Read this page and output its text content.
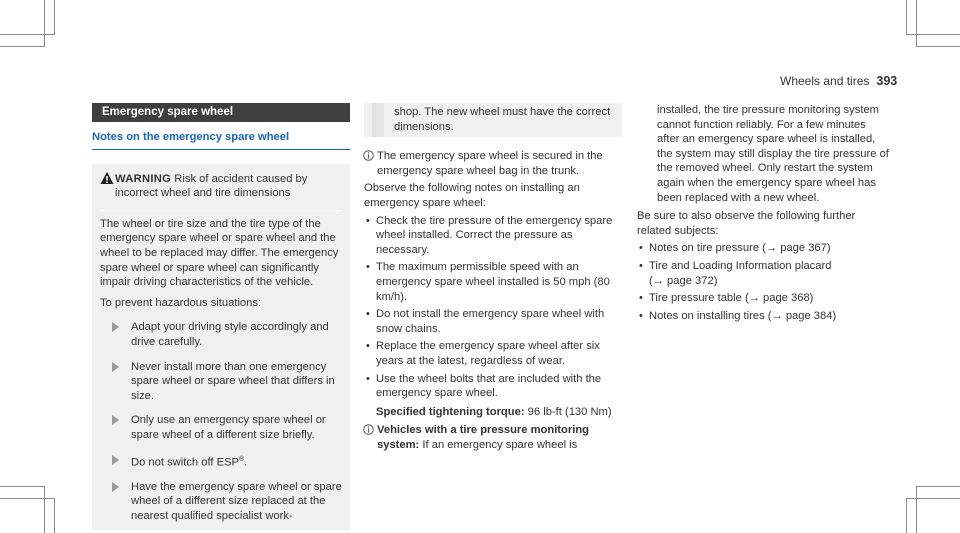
Wheels and tires 393
Emergency spare wheel
Notes on the emergency spare wheel
WARNING Risk of accident caused by incorrect wheel and tire dimensions

The wheel or tire size and the tire type of the emergency spare wheel or spare wheel and the wheel to be replaced may differ. The emergency spare wheel or spare wheel can significantly impair driving characteristics of the vehicle.

To prevent hazardous situations:

Adapt your driving style accordingly and drive carefully.
Never install more than one emergency spare wheel or spare wheel that differs in size.
Only use an emergency spare wheel or spare wheel of a different size briefly.
Do not switch off ESP®.
Have the emergency spare wheel or spare wheel of a different size replaced at the nearest qualified specialist work-
shop. The new wheel must have the correct dimensions.
The emergency spare wheel is secured in the emergency spare wheel bag in the trunk.
Observe the following notes on installing an emergency spare wheel:
• Check the tire pressure of the emergency spare wheel installed. Correct the pressure as necessary.
• The maximum permissible speed with an emergency spare wheel installed is 50 mph (80 km/h).
• Do not install the emergency spare wheel with snow chains.
• Replace the emergency spare wheel after six years at the latest, regardless of wear.
• Use the wheel bolts that are included with the emergency spare wheel.
Specified tightening torque: 96 lb-ft (130 Nm)
Vehicles with a tire pressure monitoring system: If an emergency spare wheel is
installed, the tire pressure monitoring system cannot function reliably. For a few minutes after an emergency spare wheel is installed, the system may still display the tire pressure of the removed wheel. Only restart the system again when the emergency spare wheel has been replaced with a new wheel.
Be sure to also observe the following further related subjects:
• Notes on tire pressure (→ page 367)
• Tire and Loading Information placard
(→ page 372)
• Tire pressure table (→ page 368)
• Notes on installing tires (→ page 384)
